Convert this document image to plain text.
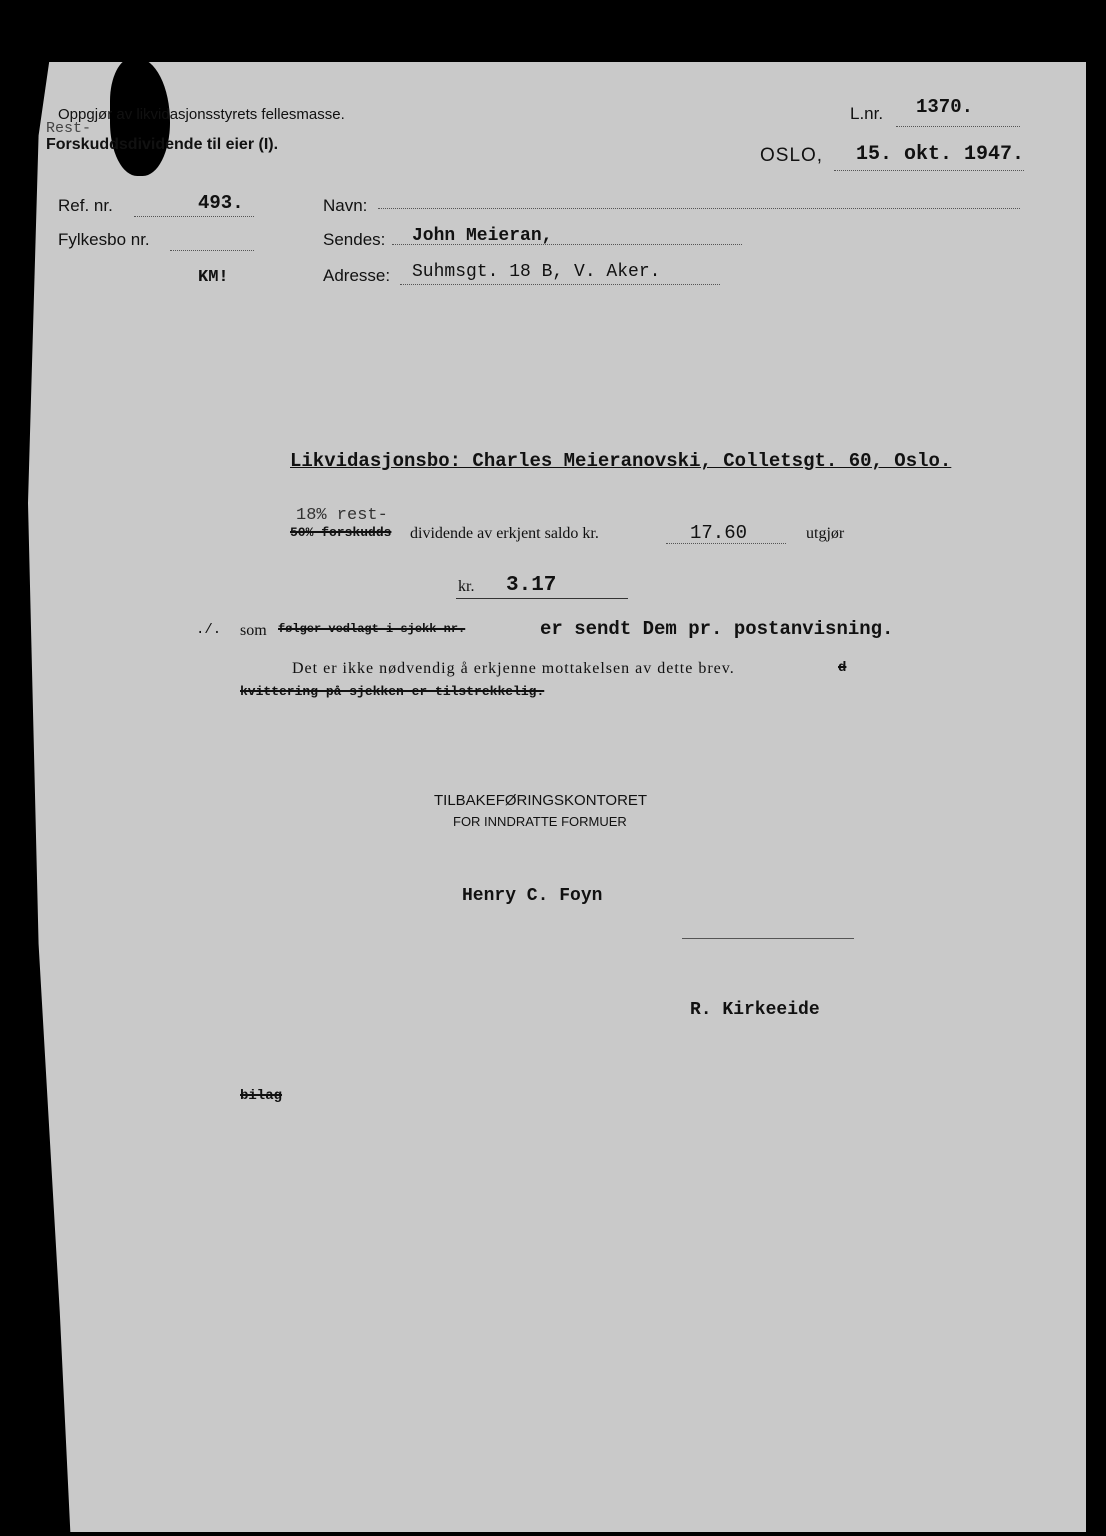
Oppgjør av likvidasjonsstyrets fellesmasse.
Rest-
Forskuddsdividende til eier (I).
L.nr. 1370.
OSLO, 15. okt. 1947.
Ref. nr.	493.
Fylkesbo nr.
KM!
Navn:
Sendes: John Meieran,
Adresse: Suhmsgt. 18 B, V. Aker.
Likvidasjonsbo: Charles Meieranovski, Colletsgt. 60, Oslo.
18% rest-
50% forskudds dividende av erkjent saldo kr.	17.60	utgjør
kr. 3.17
./. som følger vedlagt i sjekk nr.	er sendt Dem pr. postanvisning.
Det er ikke nødvendig å erkjenne mottakelsen av dette brev.	d
kvittering på sjekken er tilstrekkelig.
TILBAKEFØRINGSKONTORET
FOR INNDRATTE FORMUER
Henry C. Foyn
R. Kirkeeide
bilag
